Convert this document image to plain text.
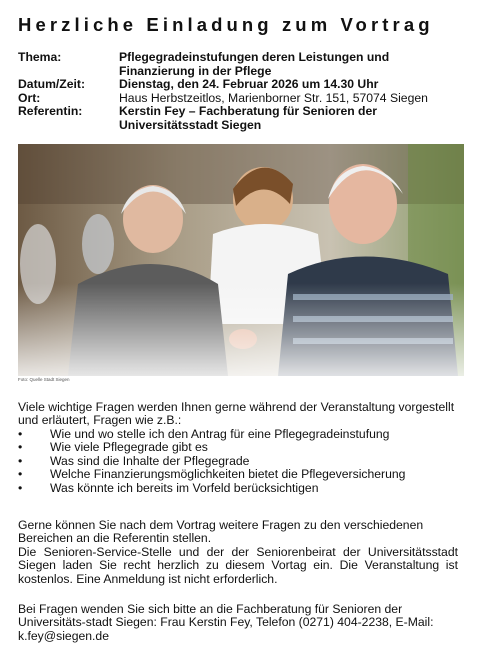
Herzliche Einladung zum Vortrag
Thema:	Pflegegradeinstufungen deren Leistungen und Finanzierung in der Pflege
Datum/Zeit:	Dienstag, den 24. Februar 2026 um 14.30 Uhr
Ort:	Haus Herbstzeitlos, Marienborner Str. 151, 57074 Siegen
Referentin:	Kerstin Fey – Fachberatung für Senioren der Universitätsstadt Siegen
Foto: Quelle Stadt Siegen
Viele wichtige Fragen werden Ihnen gerne während der Veranstaltung vorgestellt und erläutert, Fragen wie z.B.:
•	Wie und wo stelle ich den Antrag für eine Pflegegradeinstufung
•	Wie viele Pflegegrade gibt es
•	Was sind die Inhalte der Pflegegrade
•	Welche Finanzierungsmöglichkeiten bietet die Pflegeversicherung
•	Was könnte ich bereits im Vorfeld berücksichtigen
Gerne können Sie nach dem Vortrag weitere Fragen zu den verschiedenen Bereichen an die Referentin stellen.
Die Senioren-Service-Stelle und der der Seniorenbeirat der Universitätsstadt Siegen laden Sie recht herzlich zu diesem Vortag ein. Die Veranstaltung ist kostenlos. Eine Anmeldung ist nicht erforderlich.
Bei Fragen wenden Sie sich bitte an die Fachberatung für Senioren der Universitäts-stadt Siegen: Frau Kerstin Fey, Telefon (0271) 404-2238, E-Mail: k.fey@siegen.de
